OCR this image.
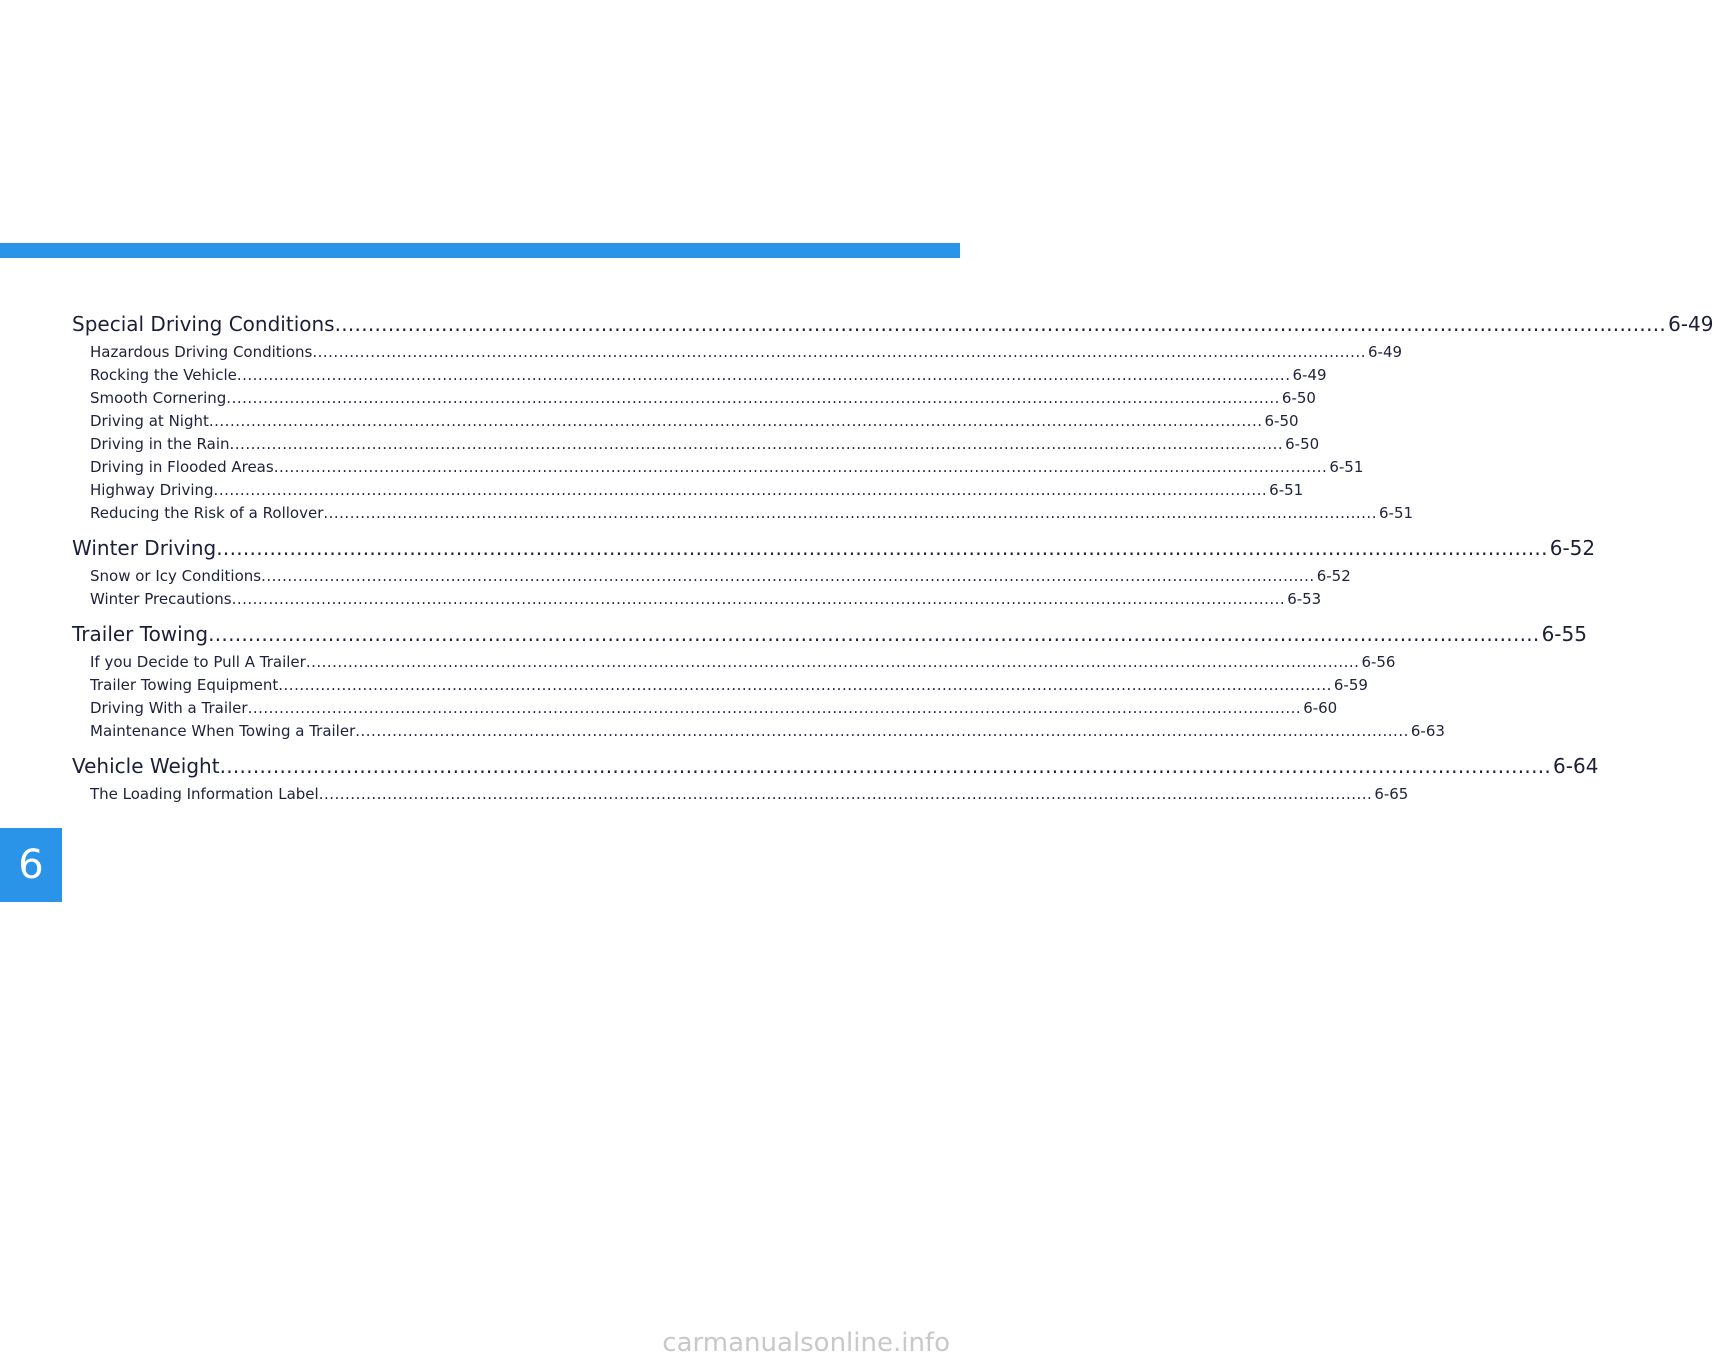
Special Driving Conditions ........................................................................................................................................................................................................ 6-49
Hazardous Driving Conditions ........................................................................................................................................................................................................ 6-49
Rocking the Vehicle ........................................................................................................................................................................................................ 6-49
Smooth Cornering ........................................................................................................................................................................................................ 6-50
Driving at Night ........................................................................................................................................................................................................ 6-50
Driving in the Rain ........................................................................................................................................................................................................ 6-50
Driving in Flooded Areas ........................................................................................................................................................................................................ 6-51
Highway Driving ........................................................................................................................................................................................................ 6-51
Reducing the Risk of a Rollover ........................................................................................................................................................................................................ 6-51
Winter Driving ........................................................................................................................................................................................................ 6-52
Snow or Icy Conditions ........................................................................................................................................................................................................ 6-52
Winter Precautions ........................................................................................................................................................................................................ 6-53
Trailer Towing ........................................................................................................................................................................................................ 6-55
If you Decide to Pull A Trailer ........................................................................................................................................................................................................ 6-56
Trailer Towing Equipment ........................................................................................................................................................................................................ 6-59
Driving With a Trailer ........................................................................................................................................................................................................ 6-60
Maintenance When Towing a Trailer ........................................................................................................................................................................................................ 6-63
Vehicle Weight ........................................................................................................................................................................................................ 6-64
The Loading Information Label ........................................................................................................................................................................................................ 6-65
6
carmanualsonline.info
